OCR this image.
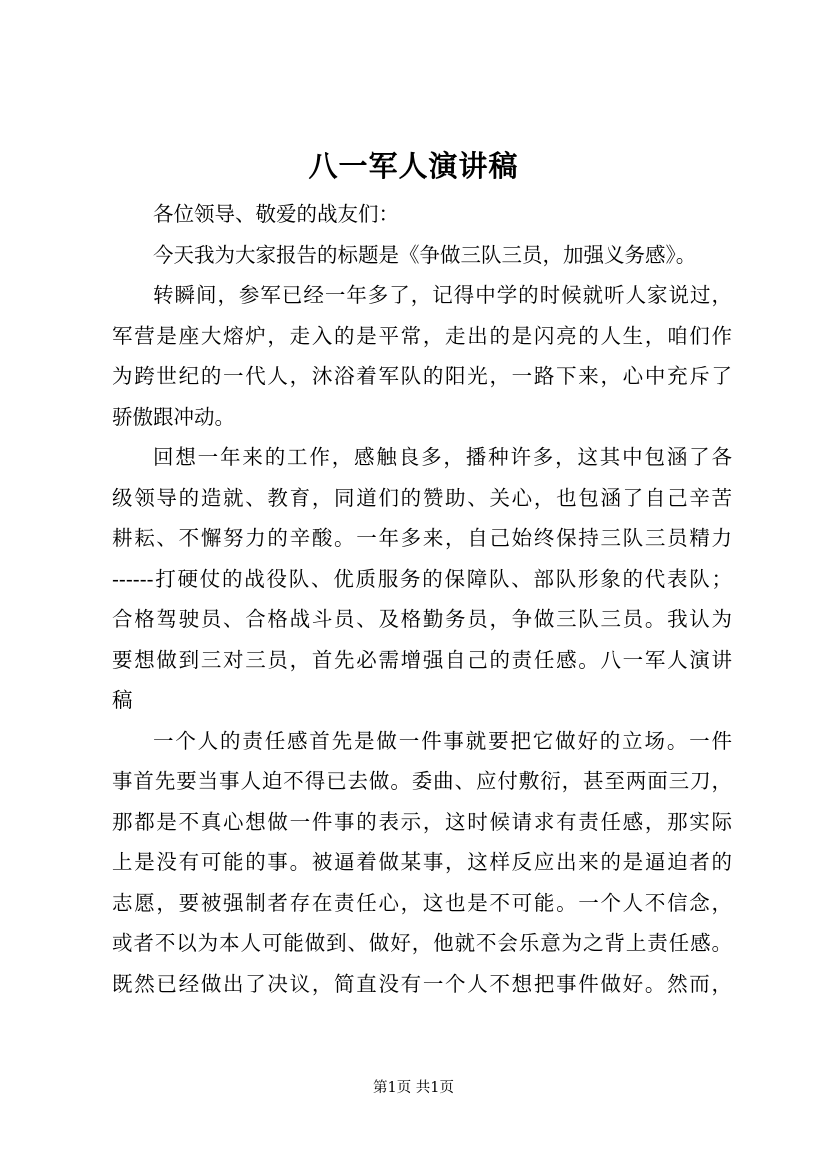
八一军人演讲稿
各位领导、敬爱的战友们：
今天我为大家报告的标题是《争做三队三员，加强义务感》。
转瞬间，参军已经一年多了，记得中学的时候就听人家说过，
军营是座大熔炉，走入的是平常，走出的是闪亮的人生，咱们作
为跨世纪的一代人，沐浴着军队的阳光，一路下来，心中充斥了
骄傲跟冲动。
回想一年来的工作，感触良多，播种许多，这其中包涵了各
级领导的造就、教育，同道们的赞助、关心，也包涵了自己辛苦
耕耘、不懈努力的辛酸。一年多来，自己始终保持三队三员精力
------打硬仗的战役队、优质服务的保障队、部队形象的代表队；
合格驾驶员、合格战斗员、及格勤务员，争做三队三员。我认为
要想做到三对三员，首先必需增强自己的责任感。八一军人演讲
稿
一个人的责任感首先是做一件事就要把它做好的立场。一件
事首先要当事人迫不得已去做。委曲、应付敷衍，甚至两面三刀，
那都是不真心想做一件事的表示，这时候请求有责任感，那实际
上是没有可能的事。被逼着做某事，这样反应出来的是逼迫者的
志愿，要被强制者存在责任心，这也是不可能。一个人不信念，
或者不以为本人可能做到、做好，他就不会乐意为之背上责任感。
既然已经做出了决议，简直没有一个人不想把事件做好。然而，
第1页 共1页
